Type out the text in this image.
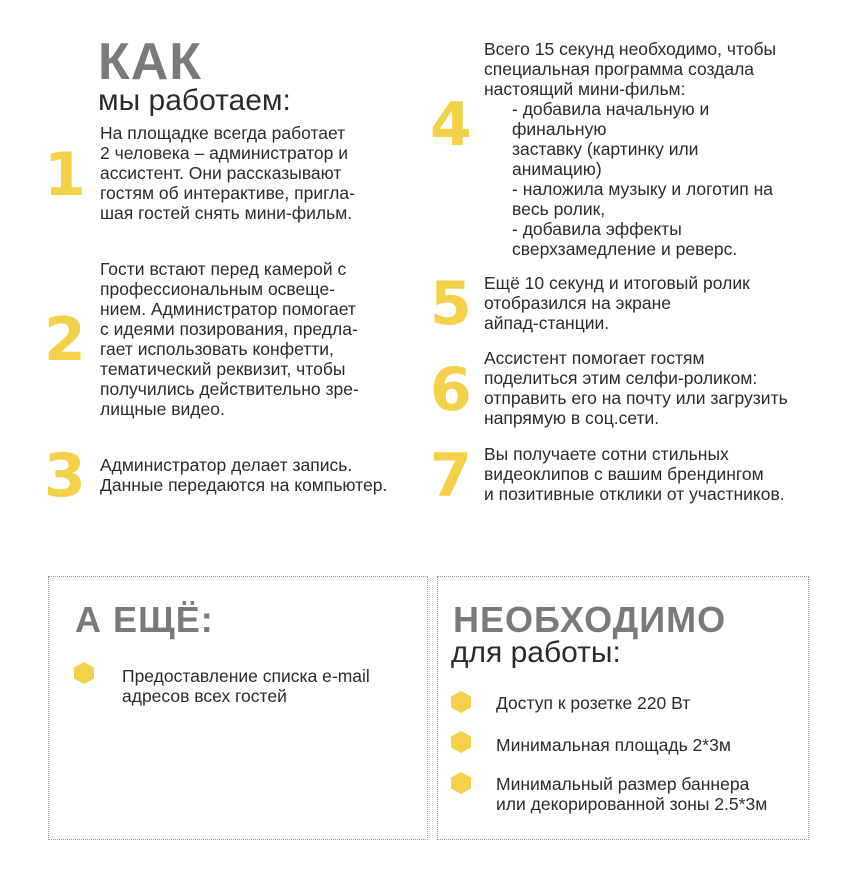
КАК
мы работаем:
1
На площадке всегда работает
2 человека – администратор и
ассистент. Они рассказывают
гостям об интерактиве, пригла-
шая гостей снять мини-фильм.
2
Гости встают перед камерой с
профессиональным освеще-
нием. Администратор помогает
с идеями позирования, предла-
гает использовать конфетти,
тематический реквизит, чтобы
получились действительно зре-
лищные видео.
3 Администратор делает запись.
Данные передаются на компьютер.
4
Всего 15 секунд необходимо, чтобы
специальная программа создала
настоящий мини-фильм:
- добавила начальную и
финальную
заставку (картинку или
анимацию)
- наложила музыку и логотип на
весь ролик,
- добавила эффекты
сверхзамедление и реверс.
5 Ещё 10 секунд и итоговый ролик
отобразился на экране
айпад-станции.
6 Ассистент помогает гостям
поделиться этим селфи-роликом:
отправить его на почту или загрузить
напрямую в соц.сети.
7 Вы получаете сотни стильных
видеоклипов с вашим брендингом
и позитивные отклики от участников.
А ЕЩЁ:
Предоставление списка e-mail
адресов всех гостей
НЕОБХОДИМО
для работы:
Доступ к розетке 220 Вт
Минимальная площадь 2*3м
Минимальный размер баннера
или декорированной зоны 2.5*3м
